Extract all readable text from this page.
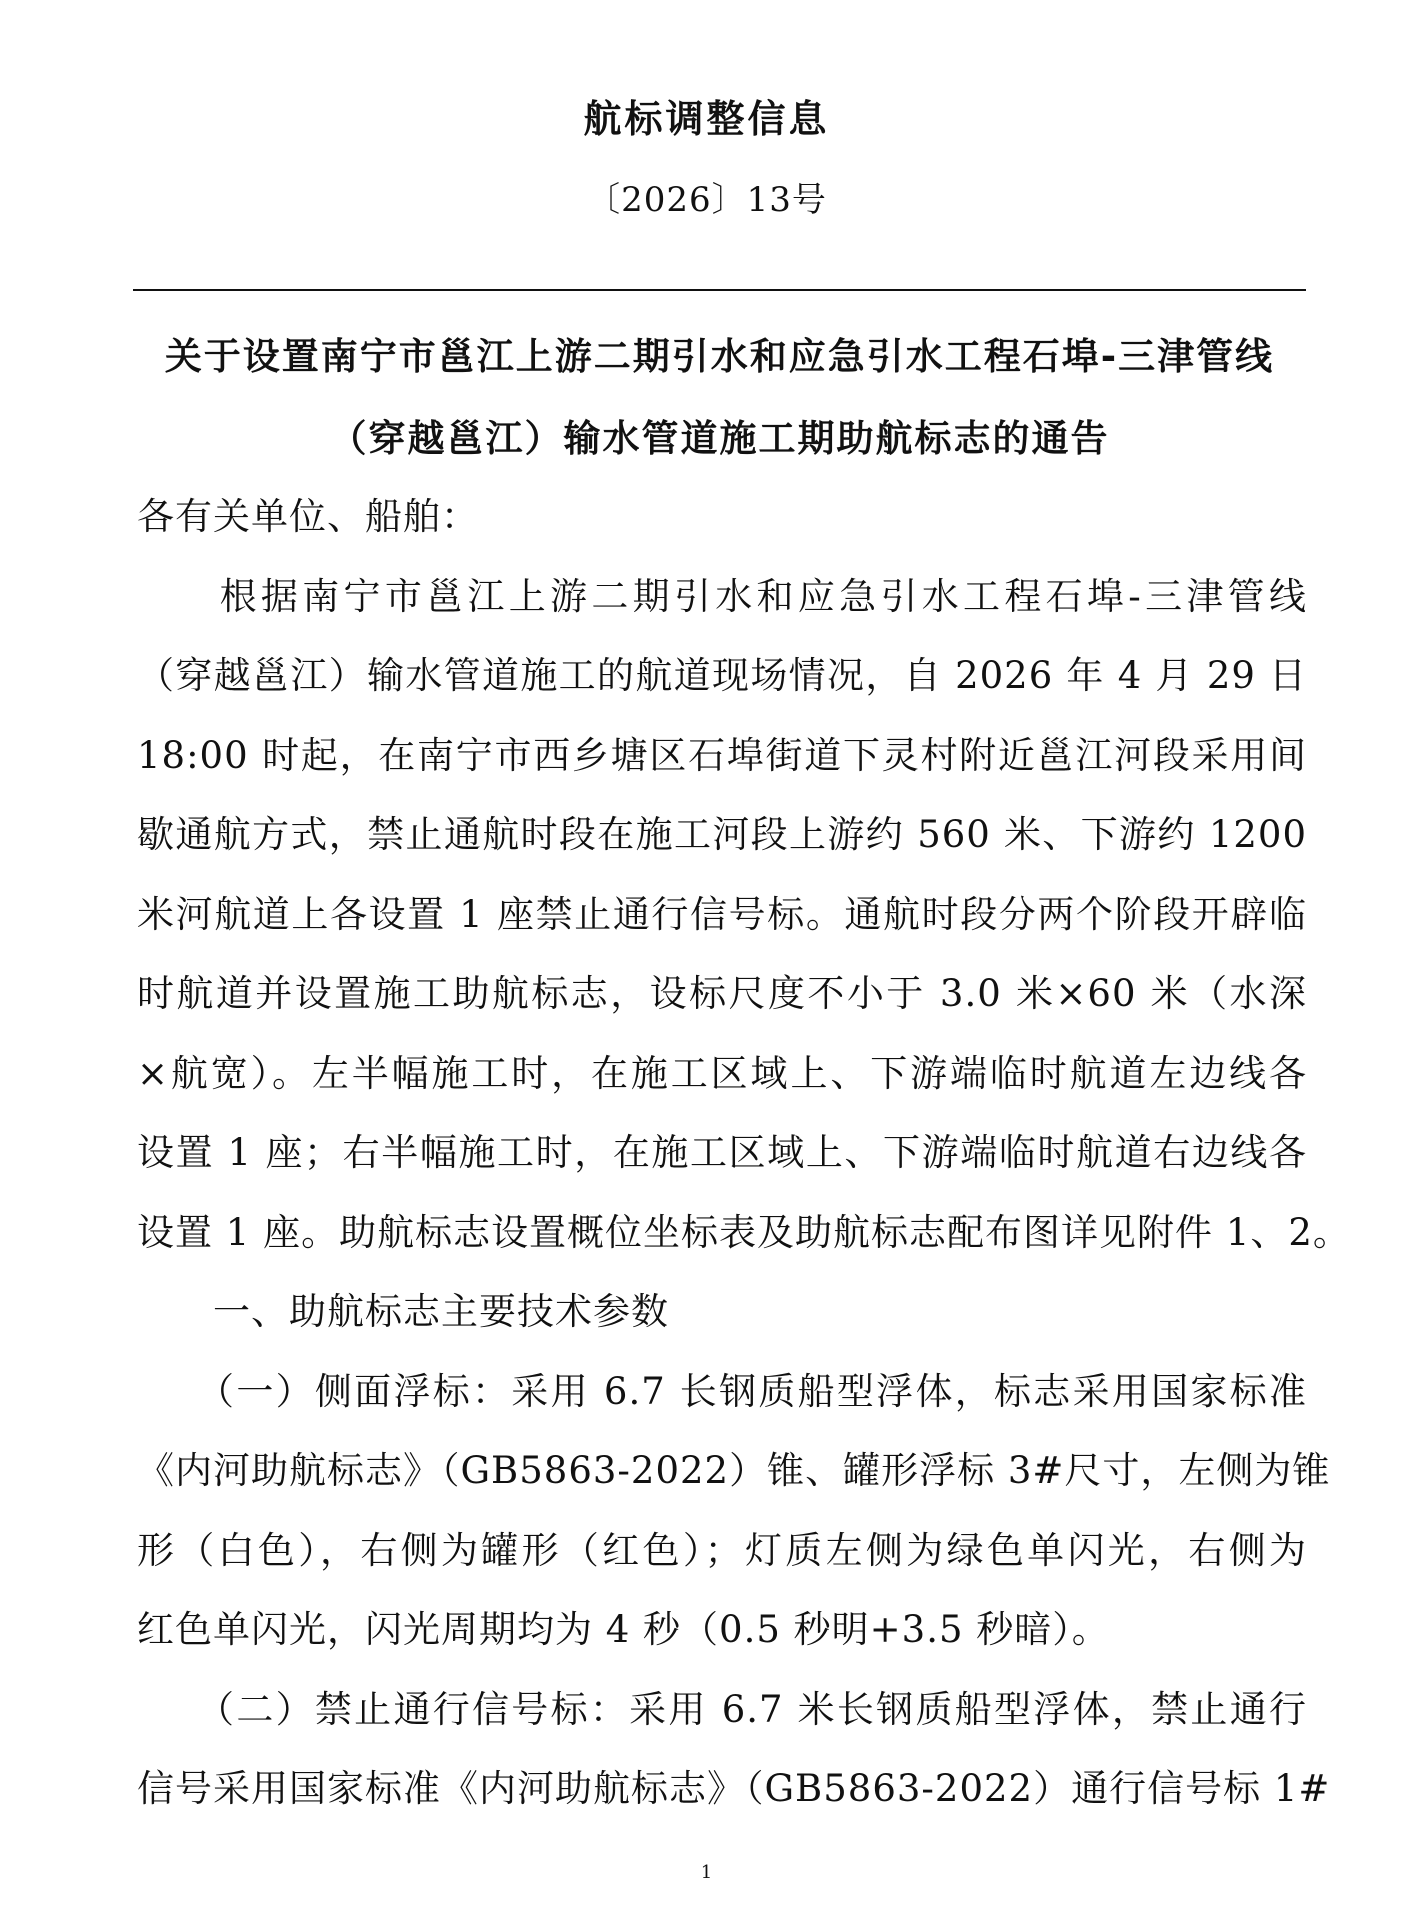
航标调整信息
〔2026〕13号
关于设置南宁市邕江上游二期引水和应急引水工程石埠-三津管线
（穿越邕江）输水管道施工期助航标志的通告
各有关单位、船舶：
　　根据南宁市邕江上游二期引水和应急引水工程石埠-三津管线
（穿越邕江）输水管道施工的航道现场情况，自 2026 年 4 月 29 日
18:00 时起，在南宁市西乡塘区石埠街道下灵村附近邕江河段采用间
歇通航方式，禁止通航时段在施工河段上游约 560 米、下游约 1200
米河航道上各设置 1 座禁止通行信号标。通航时段分两个阶段开辟临
时航道并设置施工助航标志，设标尺度不小于 3.0 米×60 米（水深
×航宽）。左半幅施工时，在施工区域上、下游端临时航道左边线各
设置 1 座；右半幅施工时，在施工区域上、下游端临时航道右边线各
设置 1 座。助航标志设置概位坐标表及助航标志配布图详见附件 1、2。
　　一、助航标志主要技术参数
　　（一）侧面浮标：采用 6.7 长钢质船型浮体，标志采用国家标准
《内河助航标志》（GB5863-2022）锥、罐形浮标 3#尺寸，左侧为锥
形（白色），右侧为罐形（红色）；灯质左侧为绿色单闪光，右侧为
红色单闪光，闪光周期均为 4 秒（0.5 秒明+3.5 秒暗）。
　　（二）禁止通行信号标：采用 6.7 米长钢质船型浮体，禁止通行
信号采用国家标准《内河助航标志》（GB5863-2022）通行信号标 1#
1
